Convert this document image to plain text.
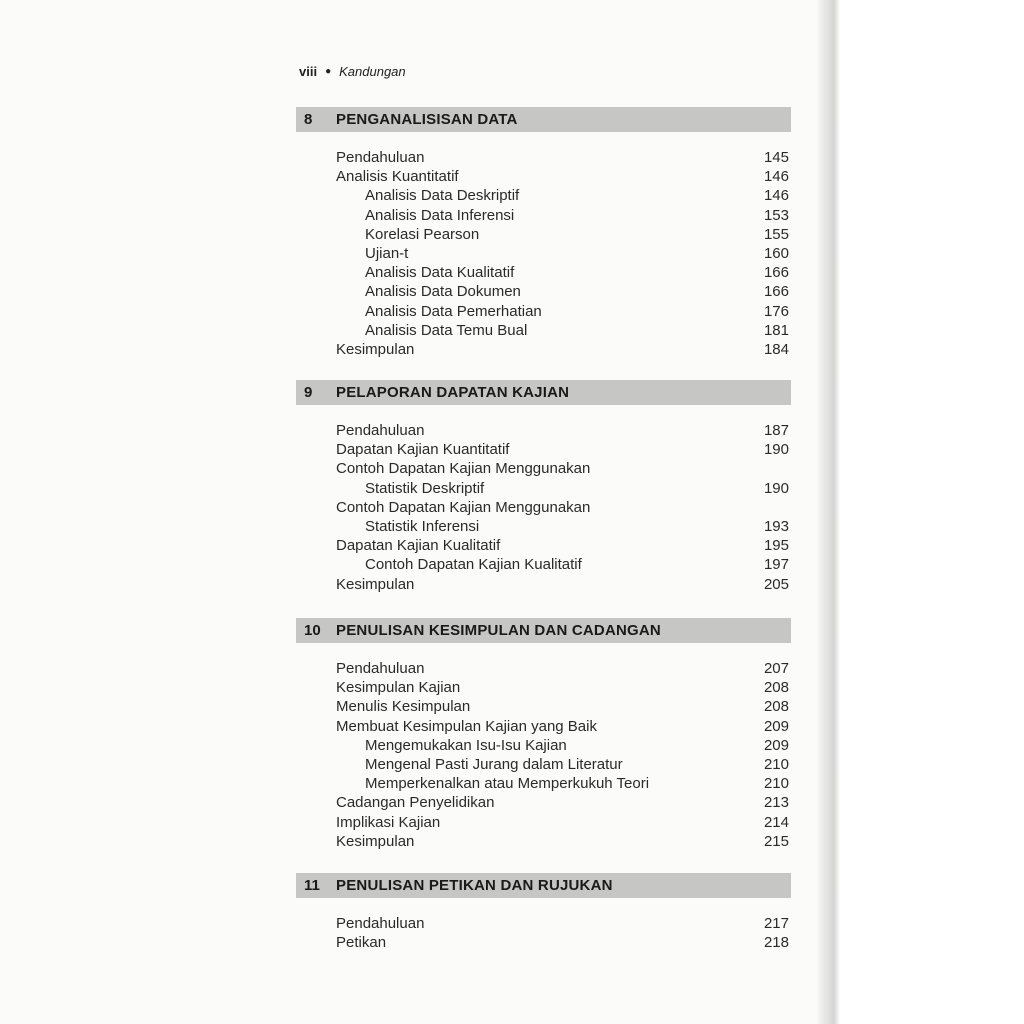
viii ● Kandungan
8	PENGANALISISAN DATA
Pendahuluan	145
Analisis Kuantitatif	146
Analisis Data Deskriptif	146
Analisis Data Inferensi	153
Korelasi Pearson	155
Ujian-t	160
Analisis Data Kualitatif	166
Analisis Data Dokumen	166
Analisis Data Pemerhatian	176
Analisis Data Temu Bual	181
Kesimpulan	184
9	PELAPORAN DAPATAN KAJIAN
Pendahuluan	187
Dapatan Kajian Kuantitatif	190
Contoh Dapatan Kajian Menggunakan
Statistik Deskriptif	190
Contoh Dapatan Kajian Menggunakan
Statistik Inferensi	193
Dapatan Kajian Kualitatif	195
Contoh Dapatan Kajian Kualitatif	197
Kesimpulan	205
10	PENULISAN KESIMPULAN DAN CADANGAN
Pendahuluan	207
Kesimpulan Kajian	208
Menulis Kesimpulan	208
Membuat Kesimpulan Kajian yang Baik	209
Mengemukakan Isu-Isu Kajian	209
Mengenal Pasti Jurang dalam Literatur	210
Memperkenalkan atau Memperkukuh Teori	210
Cadangan Penyelidikan	213
Implikasi Kajian	214
Kesimpulan	215
11	PENULISAN PETIKAN DAN RUJUKAN
Pendahuluan	217
Petikan	218
